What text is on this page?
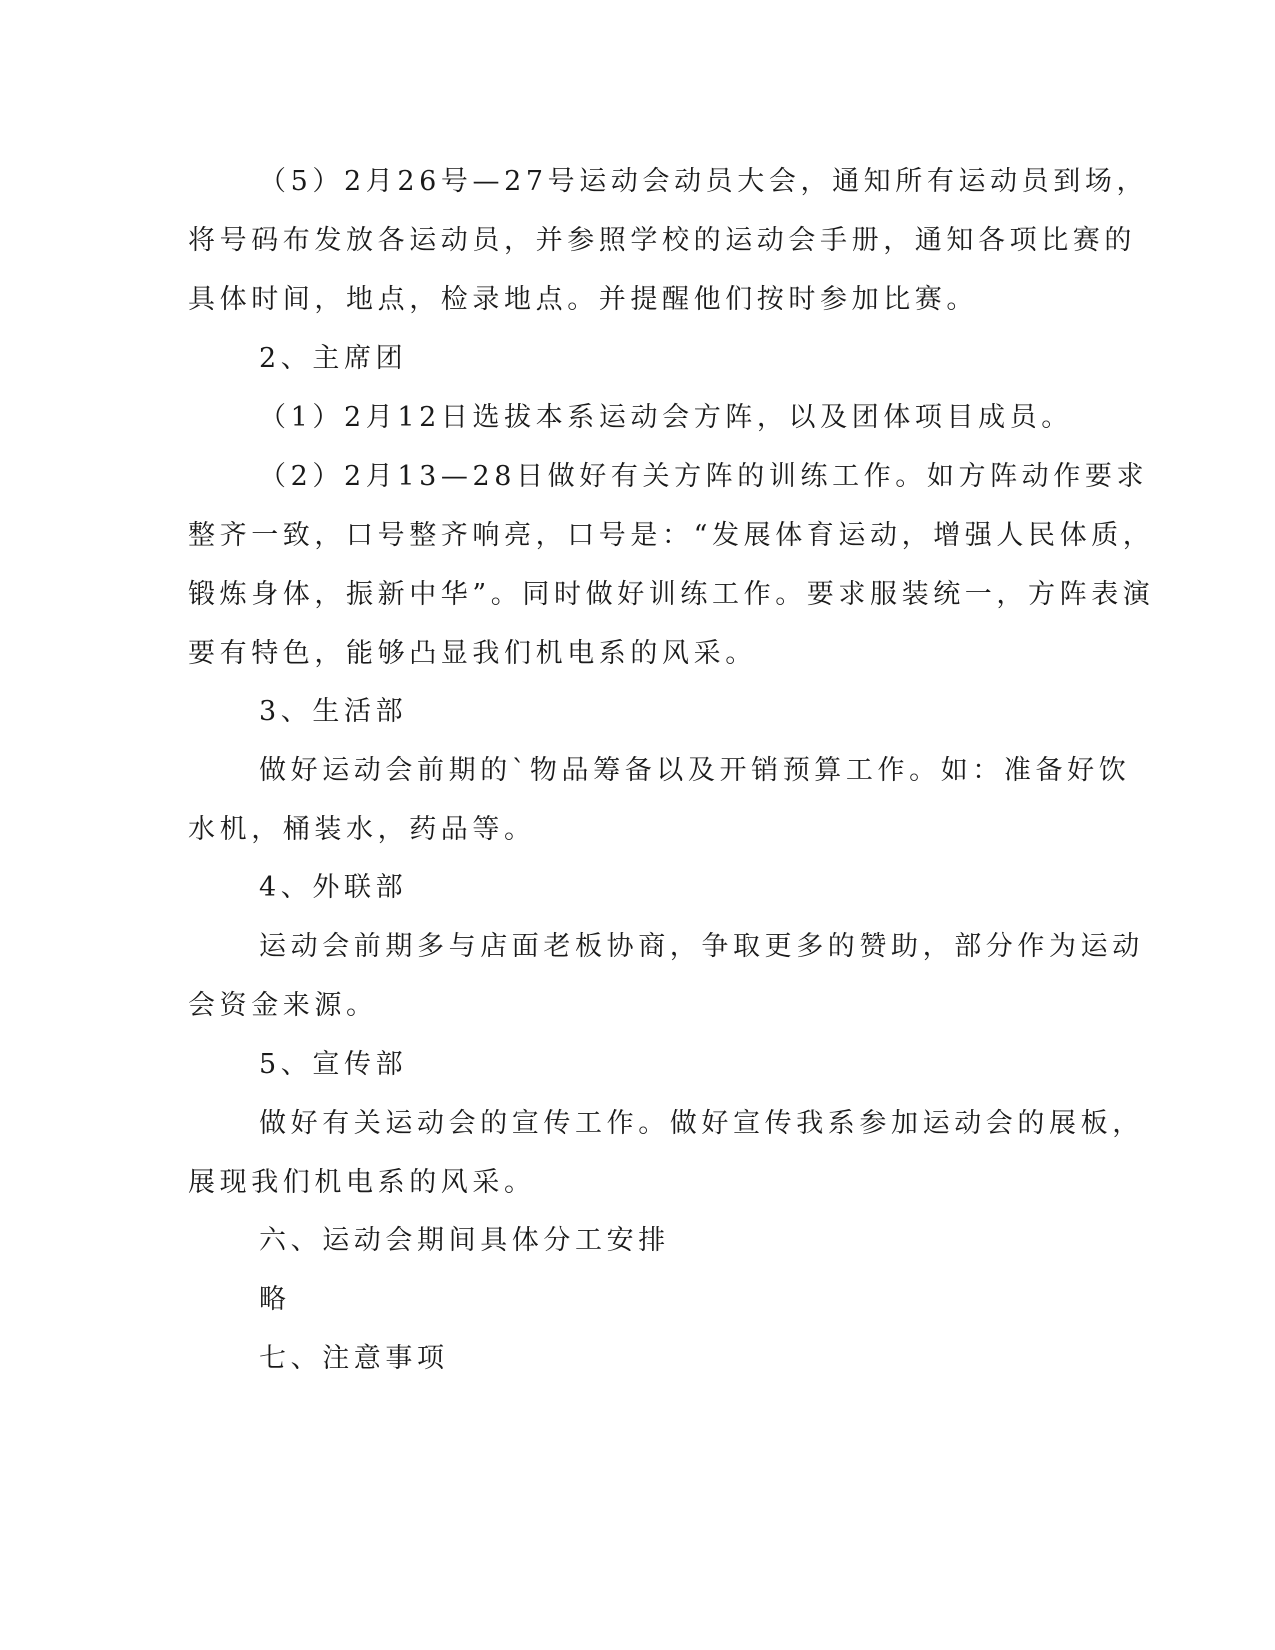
（5）2月26号—27号运动会动员大会，通知所有运动员到场，
将号码布发放各运动员，并参照学校的运动会手册，通知各项比赛的
具体时间，地点，检录地点。并提醒他们按时参加比赛。
2、主席团
（1）2月12日选拔本系运动会方阵，以及团体项目成员。
（2）2月13—28日做好有关方阵的训练工作。如方阵动作要求
整齐一致，口号整齐响亮，口号是：“发展体育运动，增强人民体质，
锻炼身体，振新中华”。同时做好训练工作。要求服装统一，方阵表演
要有特色，能够凸显我们机电系的风采。
3、生活部
做好运动会前期的`物品筹备以及开销预算工作。如：准备好饮
水机，桶装水，药品等。
4、外联部
运动会前期多与店面老板协商，争取更多的赞助，部分作为运动
会资金来源。
5、宣传部
做好有关运动会的宣传工作。做好宣传我系参加运动会的展板，
展现我们机电系的风采。
六、运动会期间具体分工安排
略
七、注意事项
